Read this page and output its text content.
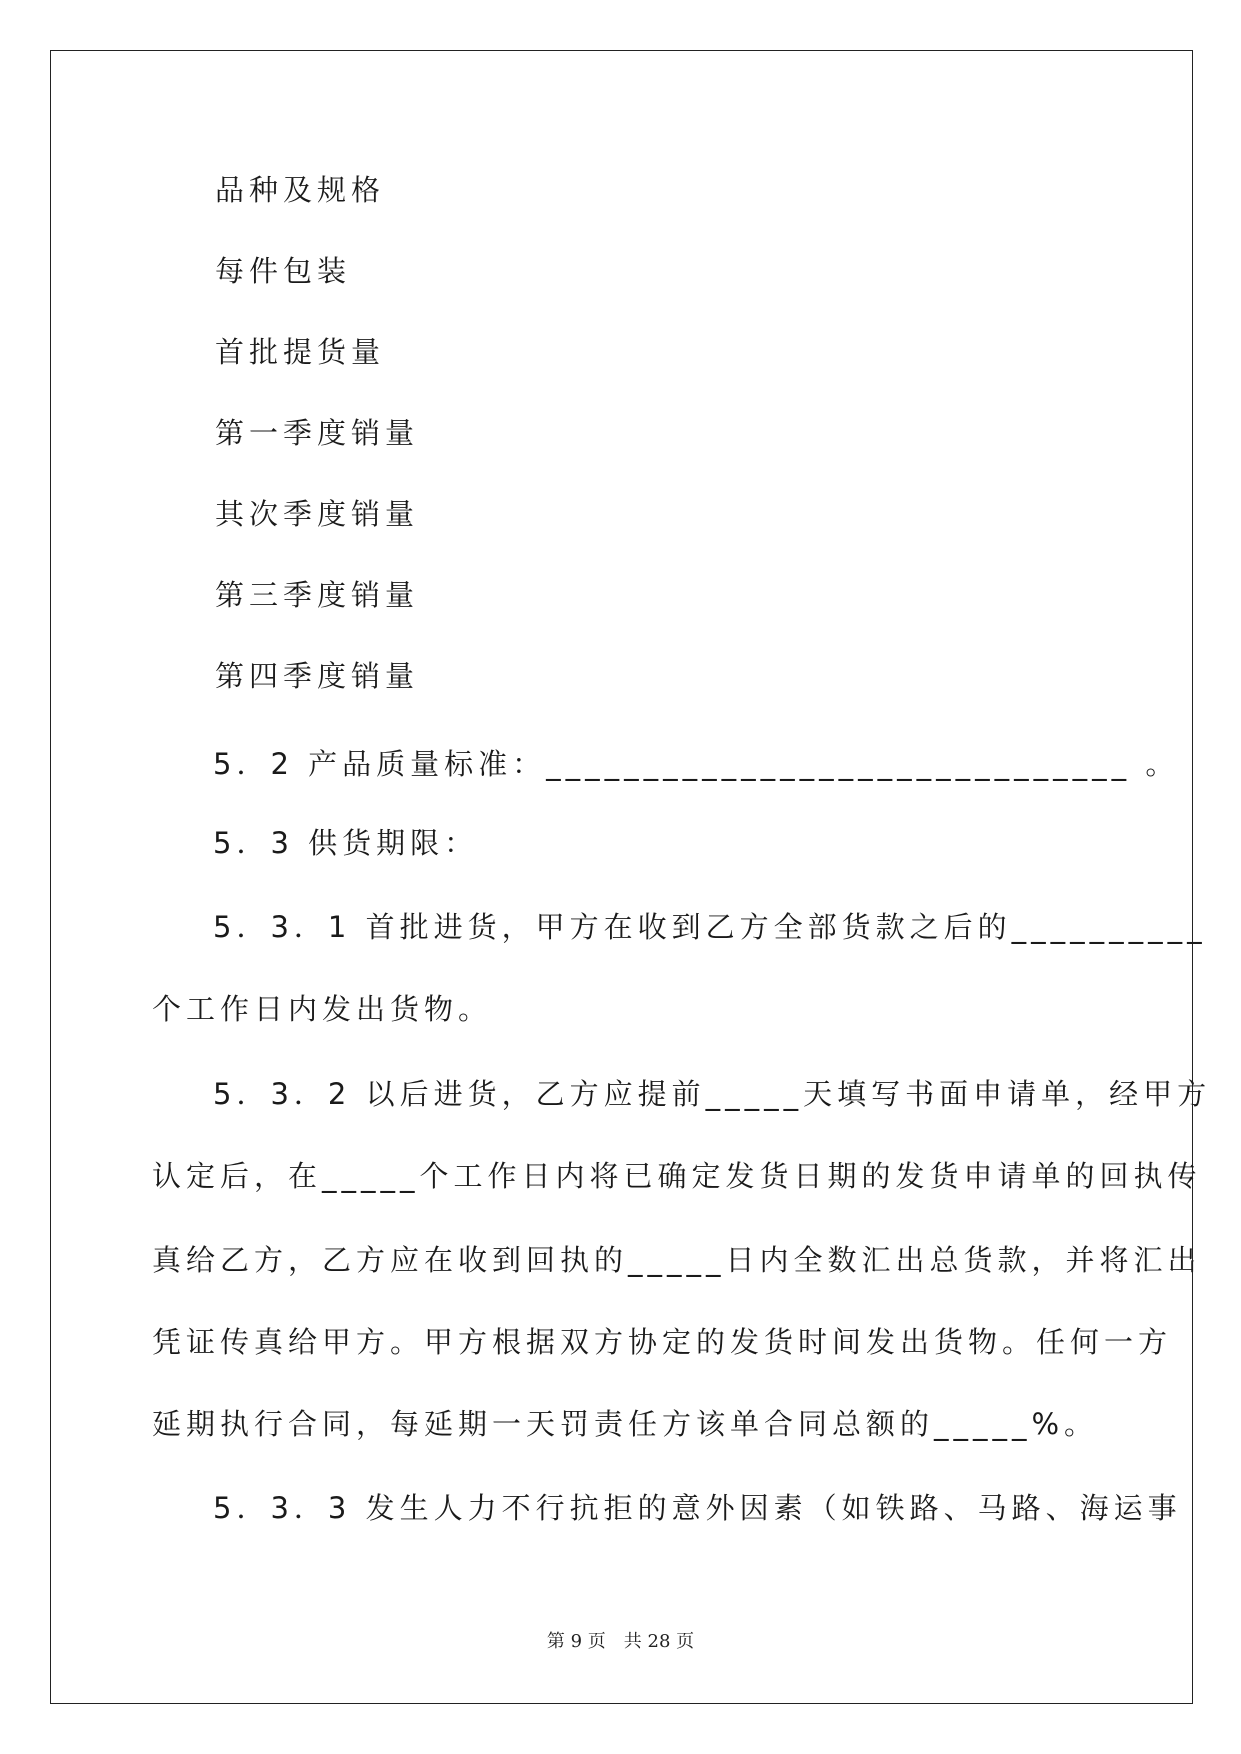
品种及规格
每件包装
首批提货量
第一季度销量
其次季度销量
第三季度销量
第四季度销量
5．2 产品质量标准：______________________________ 。
5．3 供货期限：
5．3．1 首批进货，甲方在收到乙方全部货款之后的__________
个工作日内发出货物。
5．3．2 以后进货，乙方应提前_____天填写书面申请单，经甲方
认定后，在_____个工作日内将已确定发货日期的发货申请单的回执传
真给乙方，乙方应在收到回执的_____日内全数汇出总货款，并将汇出
凭证传真给甲方。甲方根据双方协定的发货时间发出货物。任何一方
延期执行合同，每延期一天罚责任方该单合同总额的_____%。
5．3．3 发生人力不行抗拒的意外因素（如铁路、马路、海运事
第 9 页　共 28 页
